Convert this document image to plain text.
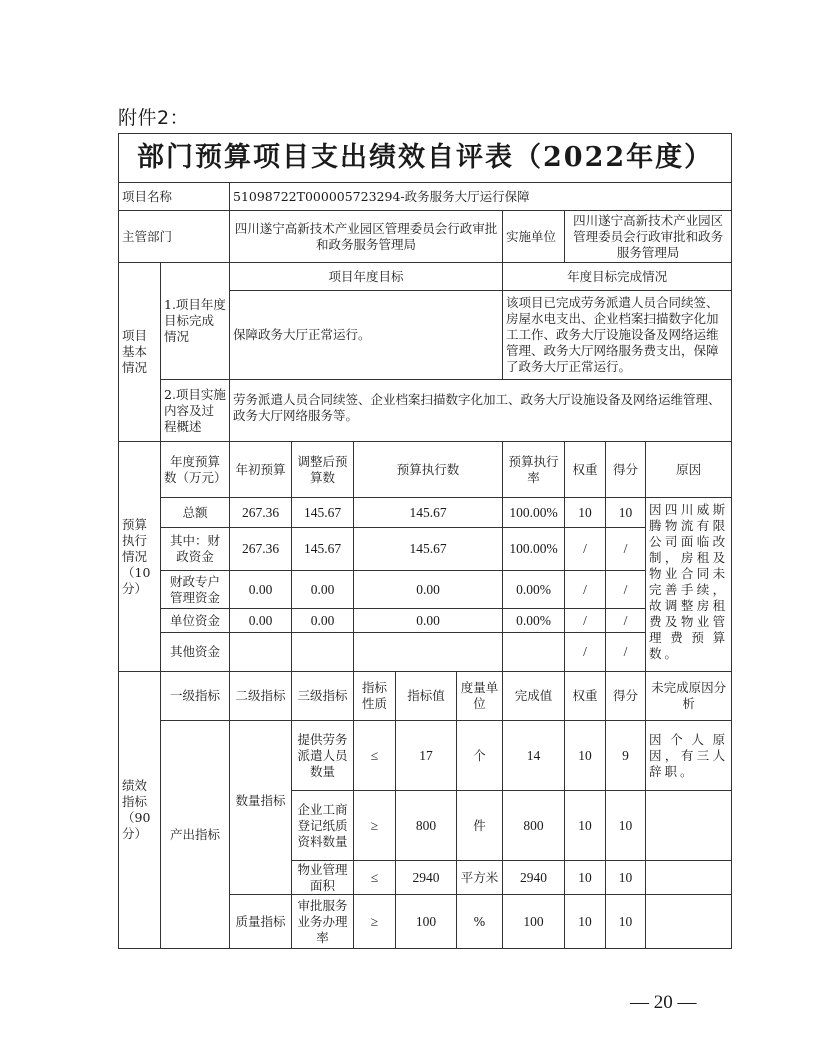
附件2：
部门预算项目支出绩效自评表（2022年度）										
项目名称		51098722T000005723294-政务服务大厅运行保障								
主管部门		四川遂宁高新技术产业园区管理委员会行政审批和政务服务管理局					实施单位	四川遂宁高新技术产业园区管理委员会行政审批和政务服务管理局		
项目基本情况	1.项目年度目标完成情况	项目年度目标					年度目标完成情况			
		保障政务大厅正常运行。					该项目已完成劳务派遣人员合同续签、房屋水电支出、企业档案扫描数字化加工工作、政务大厅设施设备及网络运维管理、政务大厅网络服务费支出，保障了政务大厅正常运行。			
	2.项目实施内容及过程概述	劳务派遣人员合同续签、企业档案扫描数字化加工、政务大厅设施设备及网络运维管理、政务大厅网络服务等。								
预算执行情况（10分）	年度预算数（万元）	年初预算	调整后预算数	预算执行数			预算执行率	权重	得分	原因
	总额	267.36	145.67	145.67			100.00%	10	10	因四川威斯腾物流有限公司面临改制，房租及物业合同未完善手续，故调整房租费及物业管理费预算数。
	其中：财政资金	267.36	145.67	145.67			100.00%	/	/	
	财政专户管理资金	0.00	0.00	0.00			0.00%	/	/	
	单位资金	0.00	0.00	0.00			0.00%	/	/	
	其他资金							/	/	
绩效指标（90分）	一级指标	二级指标	三级指标	指标性质	指标值	度量单位	完成值	权重	得分	未完成原因分析
	产出指标	数量指标	提供劳务派遣人员数量	≤	17	个	14	10	9	因个人原因，有三人辞职。
			企业工商登记纸质资料数量	≥	800	件	800	10	10	
			物业管理面积	≤	2940	平方米	2940	10	10	
		质量指标	审批服务业务办理率	≥	100	%	100	10	10	
— 20 —
